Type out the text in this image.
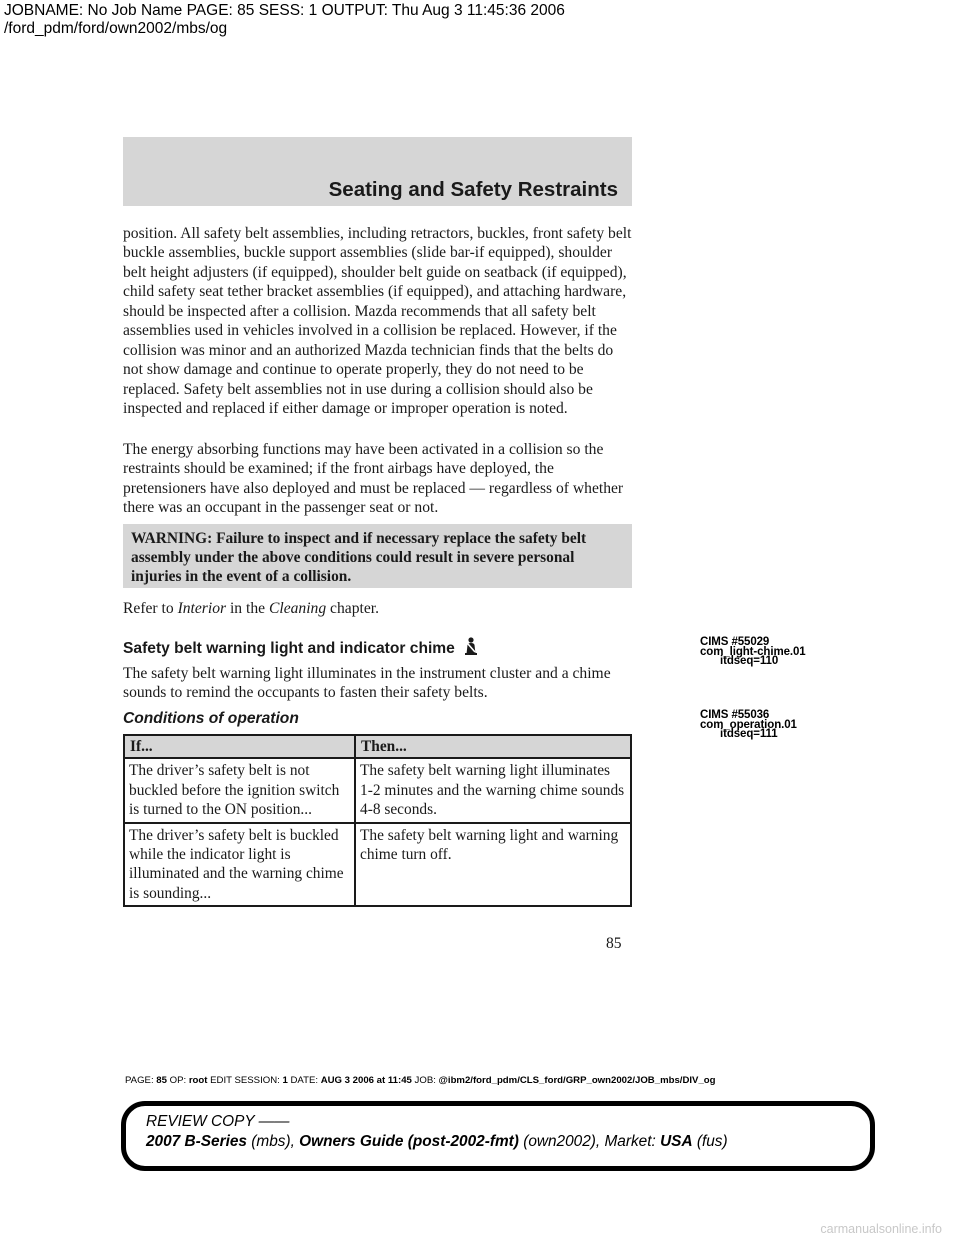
JOBNAME: No Job Name PAGE: 85 SESS: 1 OUTPUT: Thu Aug 3 11:45:36 2006
/ford_pdm/ford/own2002/mbs/og
Seating and Safety Restraints

position. All safety belt assemblies, including retractors, buckles, front safety belt buckle assemblies, buckle support assemblies (slide bar-if equipped), shoulder belt height adjusters (if equipped), shoulder belt guide on seatback (if equipped), child safety seat tether bracket assemblies (if equipped), and attaching hardware, should be inspected after a collision. Mazda recommends that all safety belt assemblies used in vehicles involved in a collision be replaced. However, if the collision was minor and an authorized Mazda technician finds that the belts do not show damage and continue to operate properly, they do not need to be replaced. Safety belt assemblies not in use during a collision should also be inspected and replaced if either damage or improper operation is noted.

The energy absorbing functions may have been activated in a collision so the restraints should be examined; if the front airbags have deployed, the pretensioners have also deployed and must be replaced — regardless of whether there was an occupant in the passenger seat or not.

WARNING: Failure to inspect and if necessary replace the safety belt assembly under the above conditions could result in severe personal injuries in the event of a collision.
Refer to Interior in the Cleaning chapter.
Safety belt warning light and indicator chime

The safety belt warning light illuminates in the instrument cluster and a chime sounds to remind the occupants to fasten their safety belts.

Conditions of operation
CIMS #55029
com_light-chime.01
itdseq=110
CIMS #55036
com_operation.01
itdseq=111
If...	Then...
The driver’s safety belt is not buckled before the ignition switch is turned to the ON position...	The safety belt warning light illuminates 1-2 minutes and the warning chime sounds 4-8 seconds.
The driver’s safety belt is buckled while the indicator light is illuminated and the warning chime is sounding...	The safety belt warning light and warning chime turn off.
85
PAGE: 85 OP: root EDIT SESSION: 1 DATE: AUG 3 2006 at 11:45 JOB: @ibm2/ford_pdm/CLS_ford/GRP_own2002/JOB_mbs/DIV_og
REVIEW COPY ——
2007 B-Series (mbs), Owners Guide (post-2002-fmt) (own2002), Market: USA (fus)
carmanualsonline.info
